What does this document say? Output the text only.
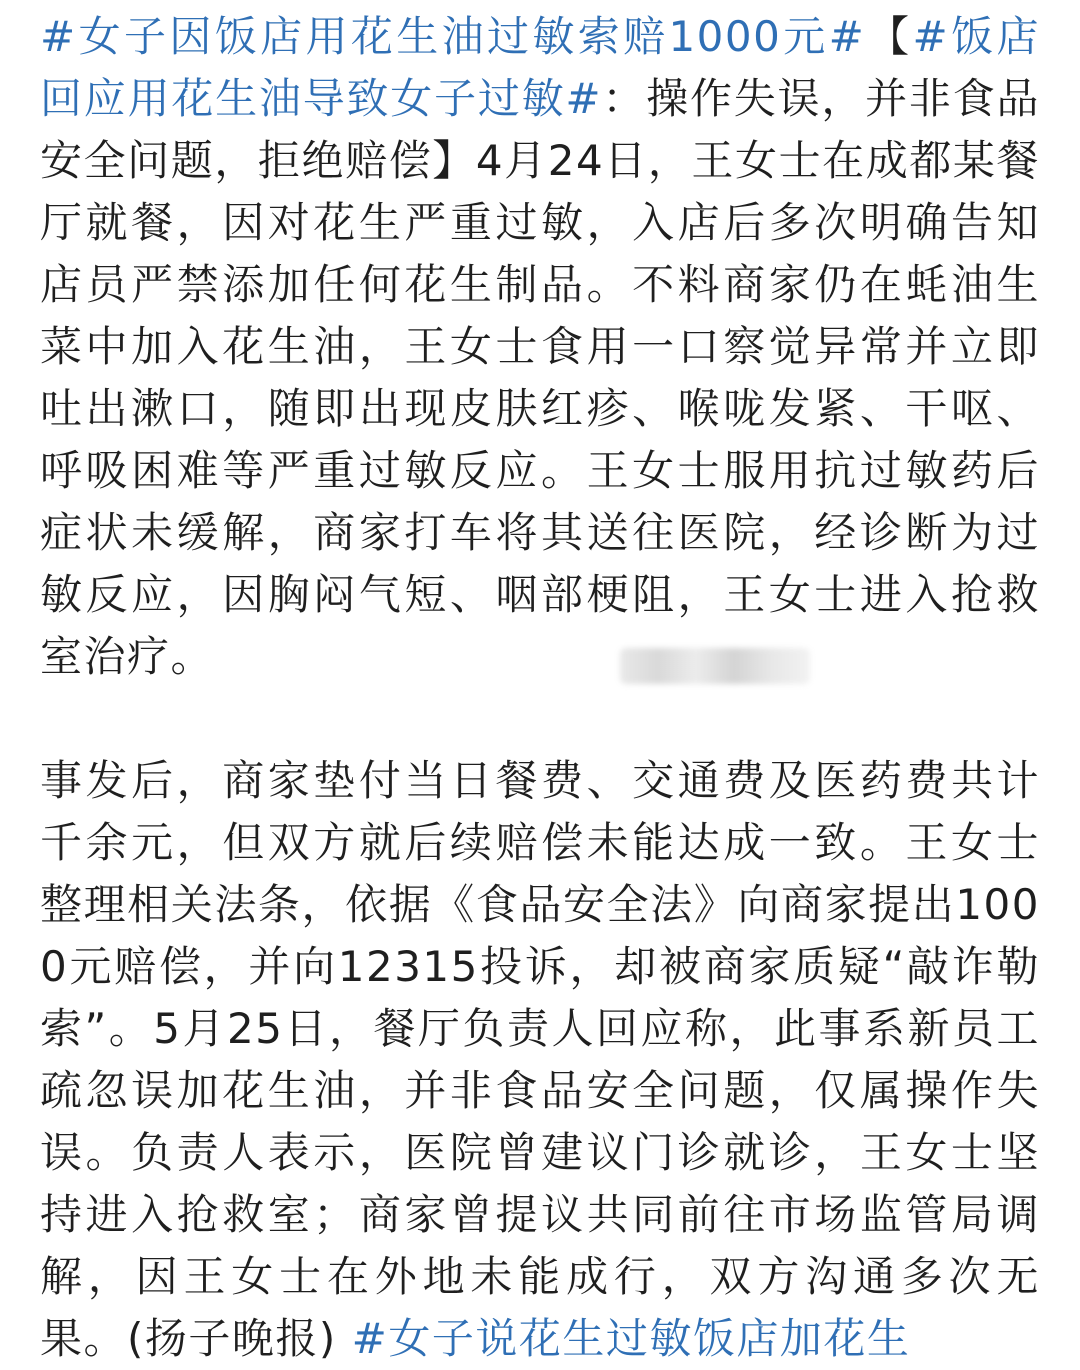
#女子因饭店用花生油过敏索赔1000元#【#饭店回应用花生油导致女子过敏#：操作失误，并非食品安全问题，拒绝赔偿】4月24日，王女士在成都某餐厅就餐，因对花生严重过敏，入店后多次明确告知店员严禁添加任何花生制品。不料商家仍在蚝油生菜中加入花生油，王女士食用一口察觉异常并立即吐出漱口，随即出现皮肤红疹、喉咙发紧、干呕、呼吸困难等严重过敏反应。王女士服用抗过敏药后症状未缓解，商家打车将其送往医院，经诊断为过敏反应，因胸闷气短、咽部梗阻，王女士进入抢救室治疗。

事发后，商家垫付当日餐费、交通费及医药费共计千余元，但双方就后续赔偿未能达成一致。王女士整理相关法条，依据《食品安全法》向商家提出1000元赔偿，并向12315投诉，却被商家质疑“敲诈勒索”。5月25日，餐厅负责人回应称，此事系新员工疏忽误加花生油，并非食品安全问题，仅属操作失误。负责人表示，医院曾建议门诊就诊，王女士坚持进入抢救室；商家曾提议共同前往市场监管局调解，因王女士在外地未能成行，双方沟通多次无果。(扬子晚报) #女子说花生过敏饭店加花生
